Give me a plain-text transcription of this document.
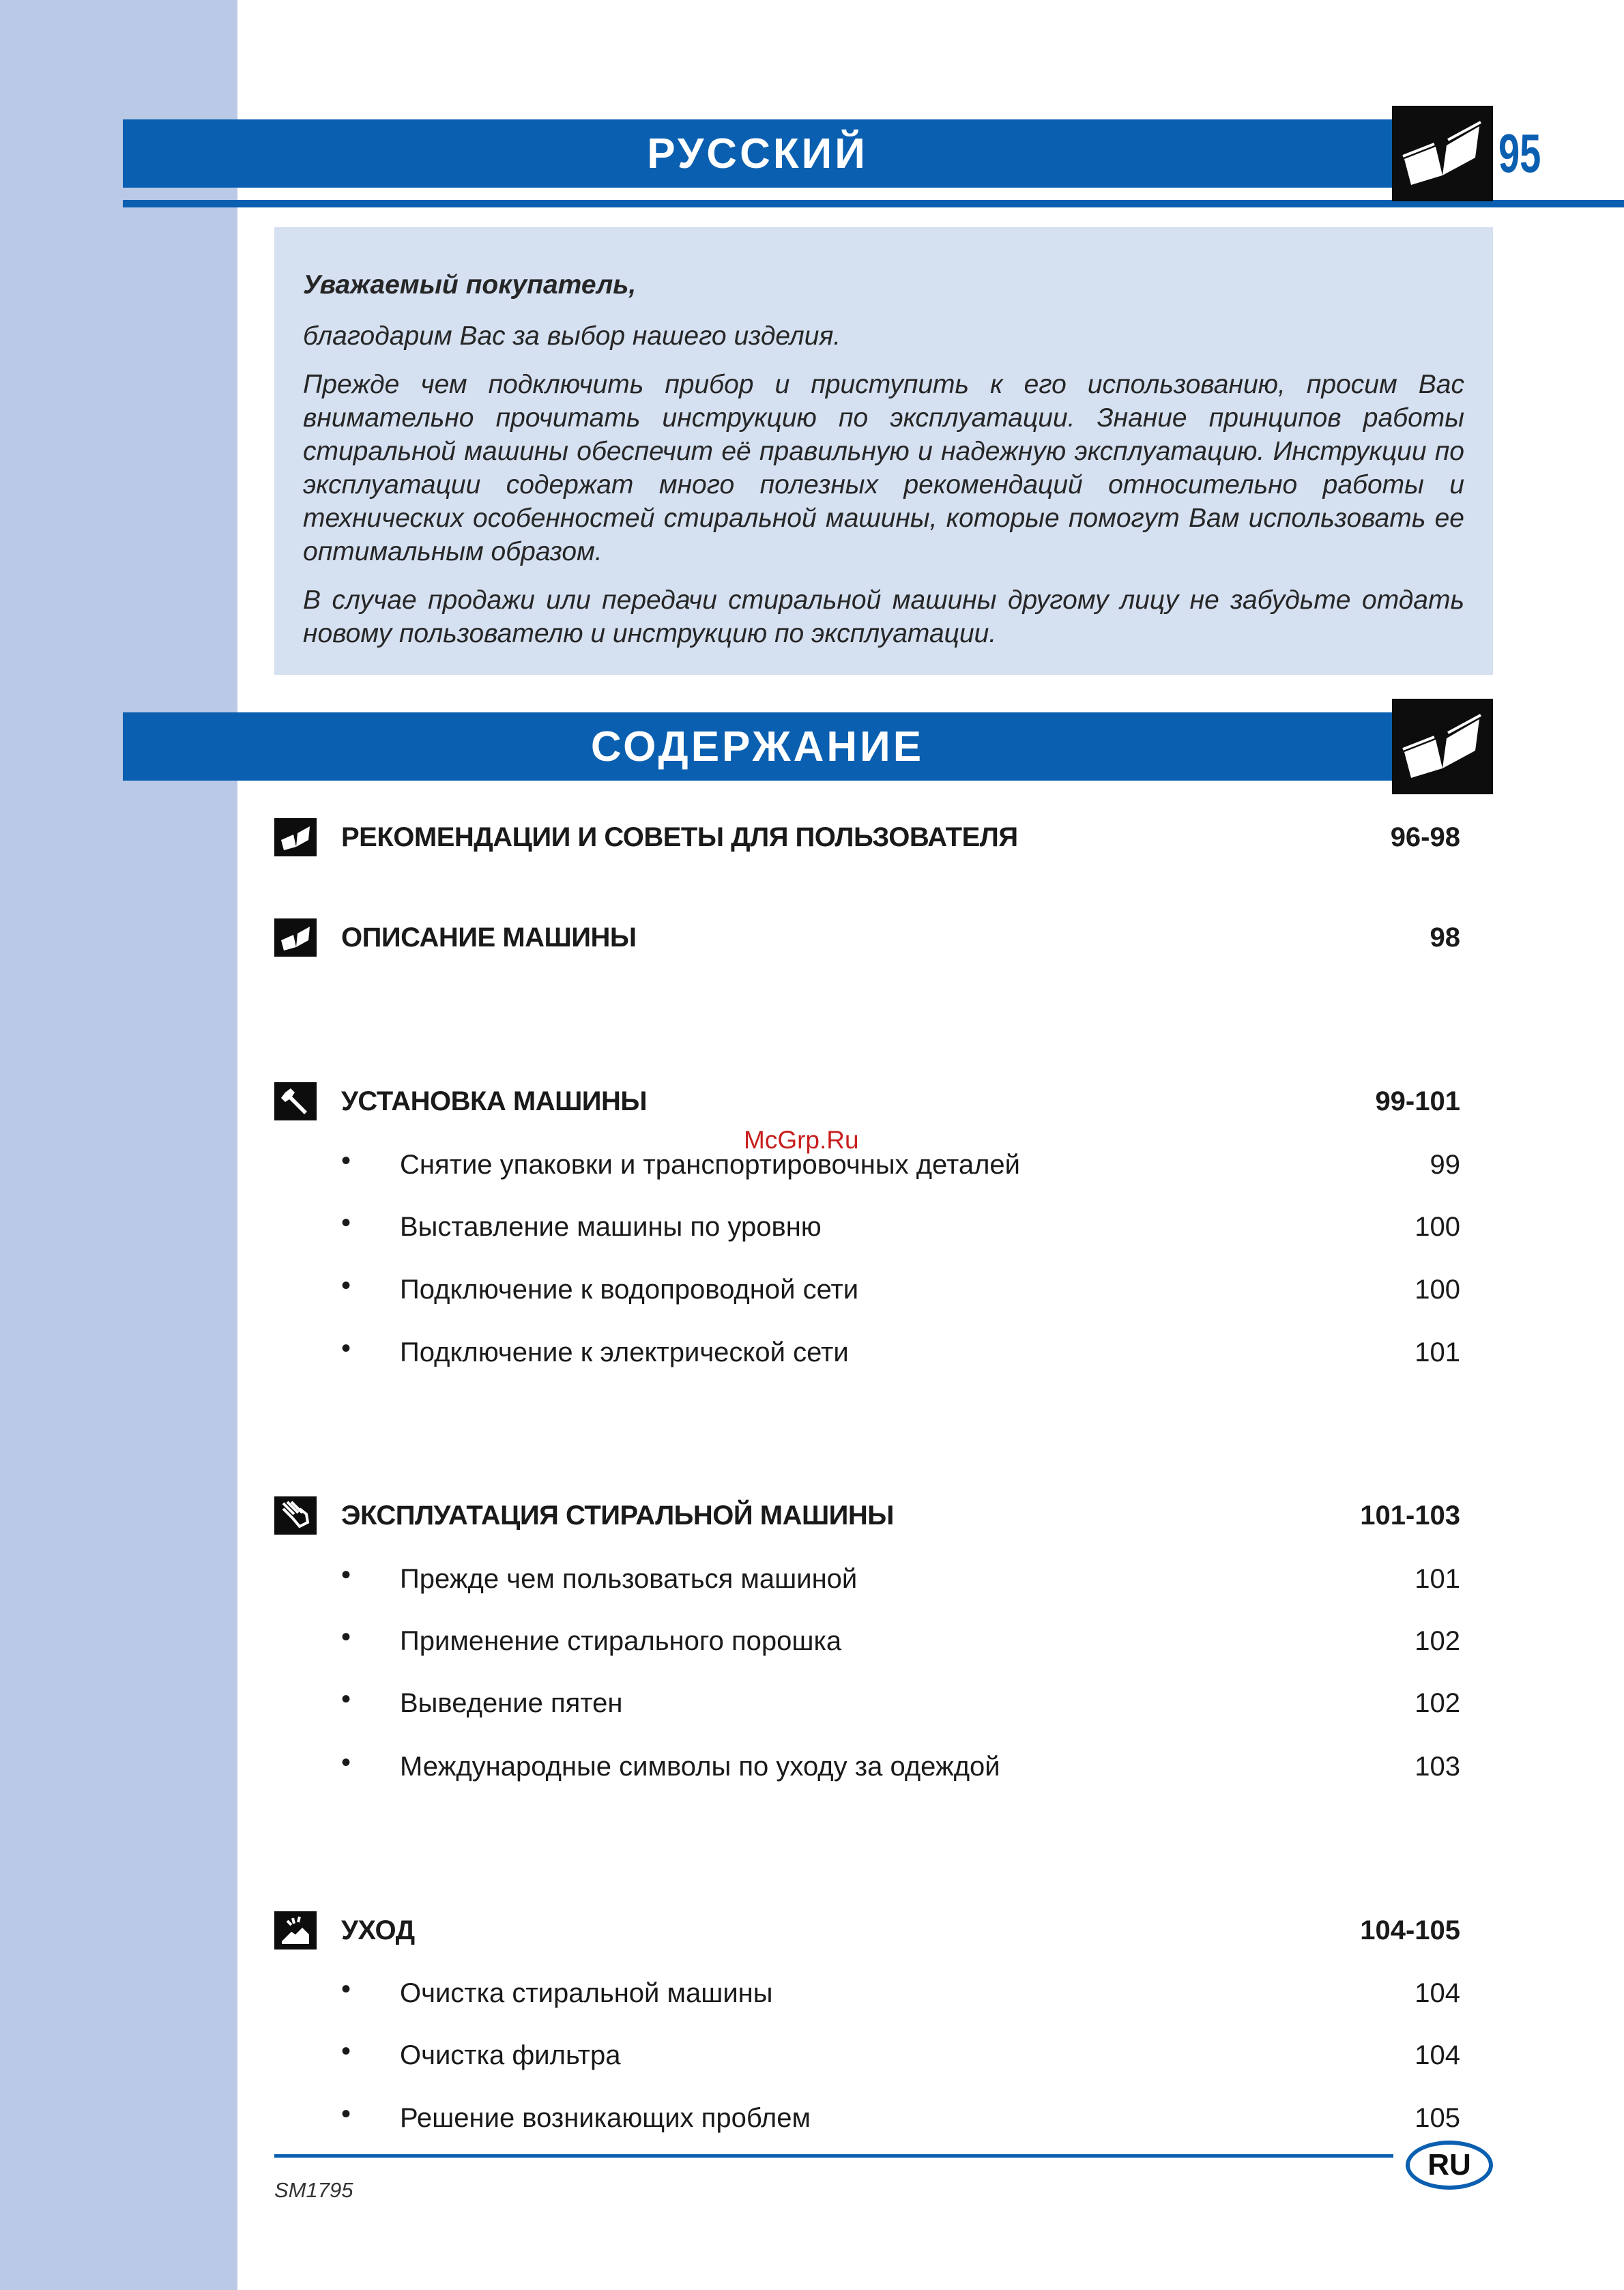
РУССКИЙ	95

Уважаемый покупатель,

благодарим Вас за выбор нашего изделия.

Прежде чем подключить прибор и приступить к его использованию, просим Вас внимательно прочитать инструкцию по эксплуатации. Знание принципов работы стиральной машины обеспечит её правильную и надежную эксплуатацию. Инструкции по эксплуатации содержат много полезных рекомендаций относительно работы и технических особенностей стиральной машины, которые помогут Вам использовать ее оптимальным образом.

В случае продажи или передачи стиральной машины другому лицу не забудьте отдать новому пользователю и инструкцию по эксплуатации.

СОДЕРЖАНИЕ
РЕКОМЕНДАЦИИ И СОВЕТЫ ДЛЯ ПОЛЬЗОВАТЕЛЯ	96-98
ОПИСАНИЕ МАШИНЫ	98
УСТАНОВКА МАШИНЫ	99-101
• Снятие упаковки и транспортировочных деталей	99
• Выставление машины по уровню	100
• Подключение к водопроводной сети	100
• Подключение к электрической сети	101
ЭКСПЛУАТАЦИЯ СТИРАЛЬНОЙ МАШИНЫ	101-103
• Прежде чем пользоваться машиной	101
• Применение стирального порошка	102
• Выведение пятен	102
• Международные символы по уходу за одеждой	103
УХОД	104-105
• Очистка стиральной машины	104
• Очистка фильтра	104
• Решение возникающих проблем	105
McGrp.Ru
RU
SM1795
